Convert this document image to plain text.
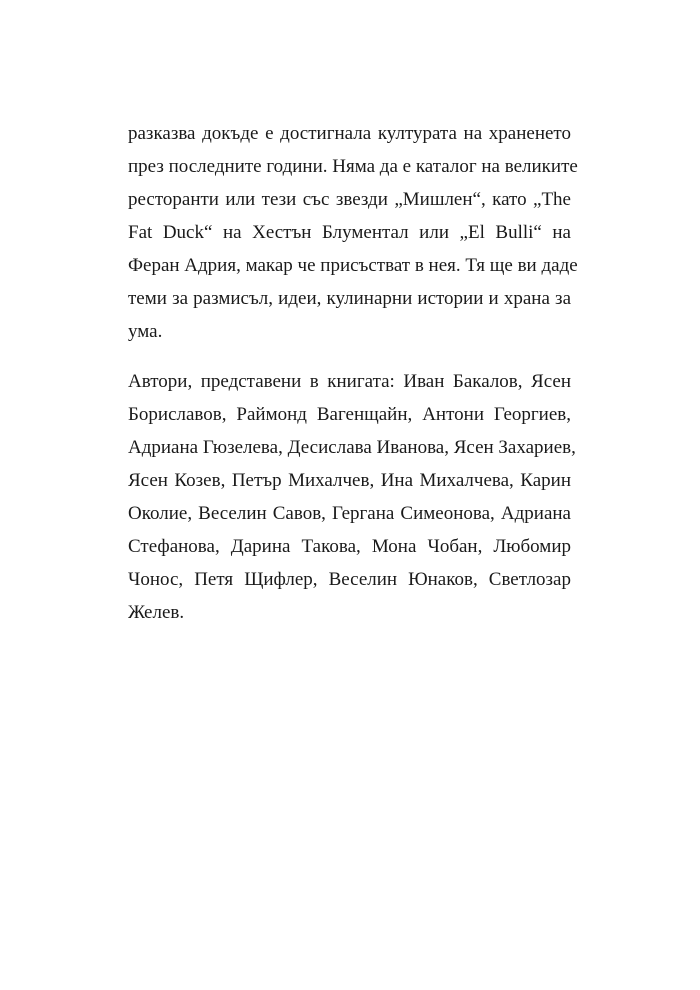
разказва докъде е достигнала културата на храненето
през последните години. Няма да е каталог на великите
ресторанти или тези със звезди „Мишлен“, като „The
Fat Duck“ на Хестън Блументал или „El Bulli“ на
Феран Адрия, макар че присъстват в нея. Тя ще ви даде
теми за размисъл, идеи, кулинарни истории и храна за
ума.

Автори, представени в книгата: Иван Бакалов, Ясен
Бориславов, Раймонд Вагенщайн, Антони Георгиев,
Адриана Гюзелева, Десислава Иванова, Ясен Захариев,
Ясен Козев, Петър Михалчев, Ина Михалчева, Карин
Околие, Веселин Савов, Гергана Симеонова, Адриана
Стефанова, Дарина Такова, Мона Чобан, Любомир
Чонос, Петя Щифлер, Веселин Юнаков, Светлозар
Желев.
